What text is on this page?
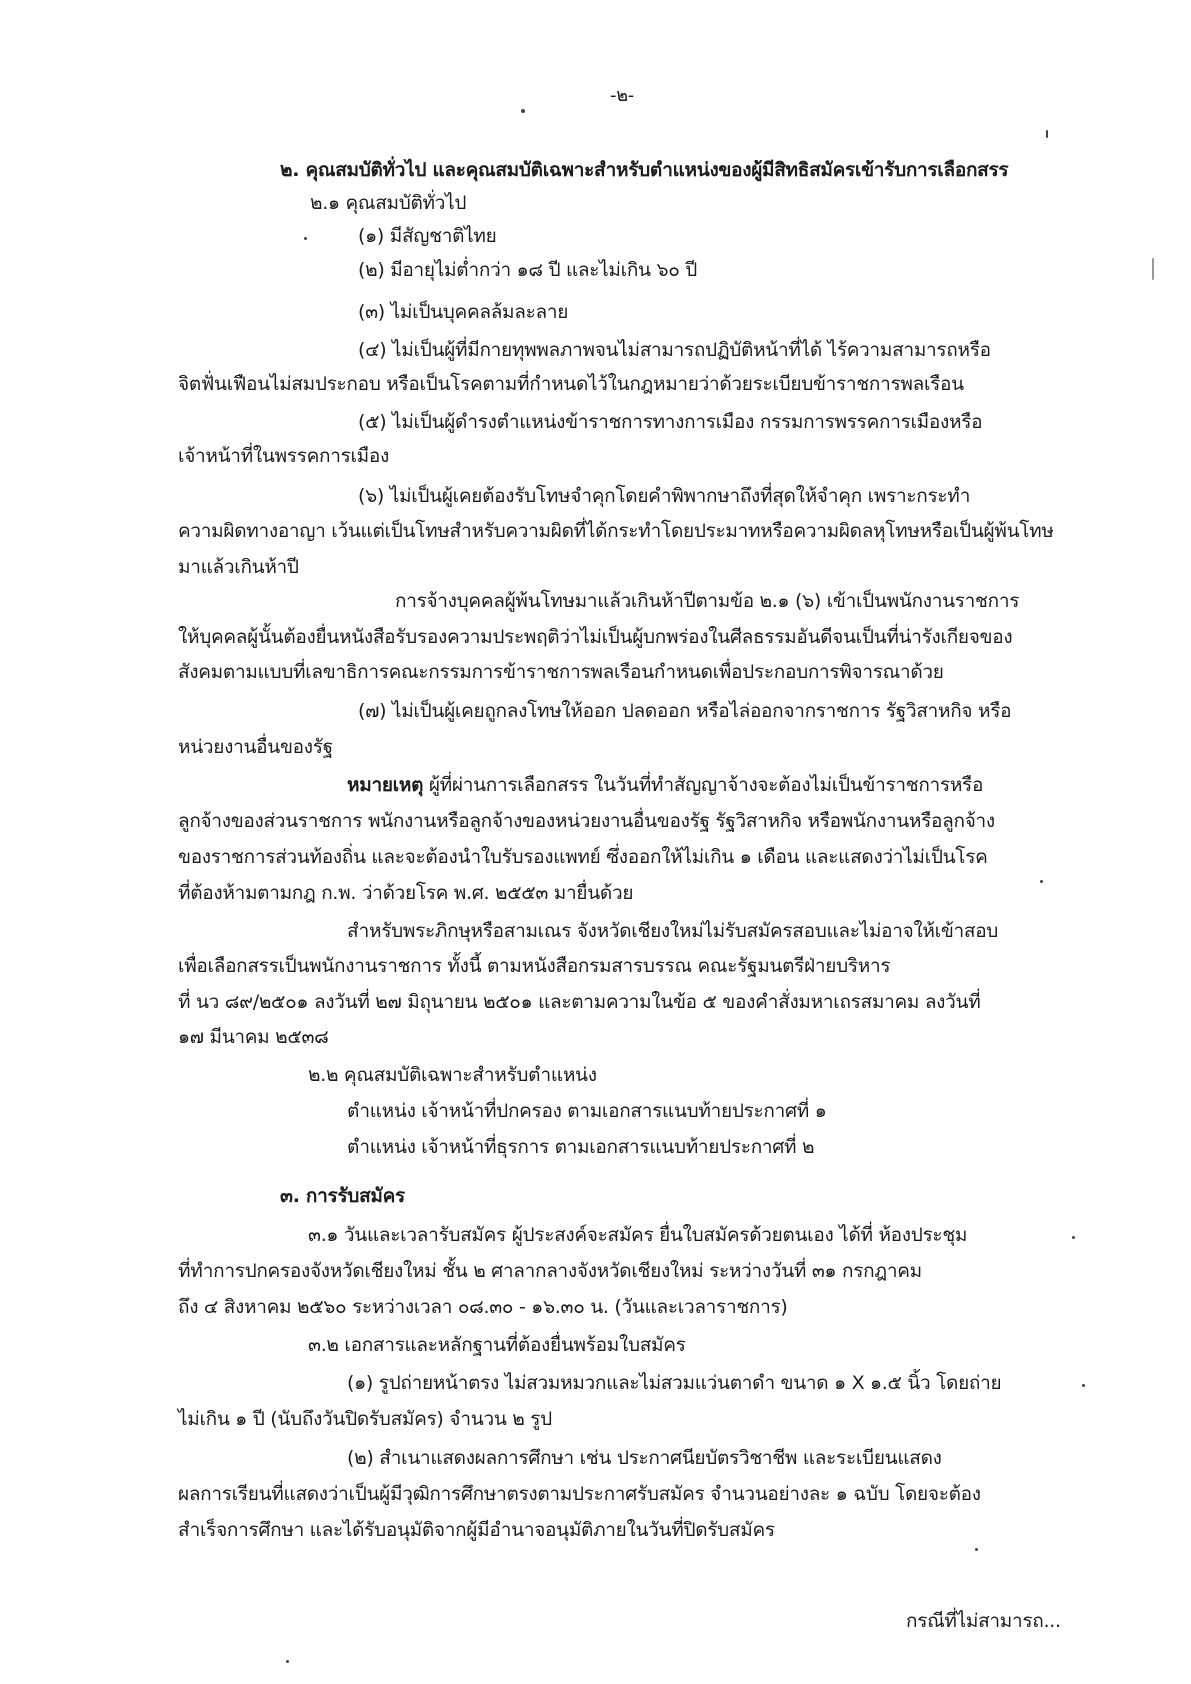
-๒-
๒. คุณสมบัติทั่วไป และคุณสมบัติเฉพาะสำหรับตำแหน่งของผู้มีสิทธิสมัครเข้ารับการเลือกสรร
๒.๑ คุณสมบัติทั่วไป
(๑) มีสัญชาติไทย
(๒) มีอายุไม่ต่ำกว่า ๑๘ ปี และไม่เกิน ๖๐ ปี
(๓) ไม่เป็นบุคคลล้มละลาย
(๔) ไม่เป็นผู้ที่มีกายทุพพลภาพจนไม่สามารถปฏิบัติหน้าที่ได้ ไร้ความสามารถหรือ
จิตฟั่นเฟือนไม่สมประกอบ หรือเป็นโรคตามที่กำหนดไว้ในกฎหมายว่าด้วยระเบียบข้าราชการพลเรือน
(๕) ไม่เป็นผู้ดำรงตำแหน่งข้าราชการทางการเมือง กรรมการพรรคการเมืองหรือ
เจ้าหน้าที่ในพรรคการเมือง
(๖) ไม่เป็นผู้เคยต้องรับโทษจำคุกโดยคำพิพากษาถึงที่สุดให้จำคุก เพราะกระทำ
ความผิดทางอาญา เว้นแต่เป็นโทษสำหรับความผิดที่ได้กระทำโดยประมาทหรือความผิดลหุโทษหรือเป็นผู้พ้นโทษ
มาแล้วเกินห้าปี
การจ้างบุคคลผู้พ้นโทษมาแล้วเกินห้าปีตามข้อ ๒.๑ (๖) เข้าเป็นพนักงานราชการ
ให้บุคคลผู้นั้นต้องยื่นหนังสือรับรองความประพฤติว่าไม่เป็นผู้บกพร่องในศีลธรรมอันดีจนเป็นที่น่ารังเกียจของ
สังคมตามแบบที่เลขาธิการคณะกรรมการข้าราชการพลเรือนกำหนดเพื่อประกอบการพิจารณาด้วย
(๗) ไม่เป็นผู้เคยถูกลงโทษให้ออก ปลดออก หรือไล่ออกจากราชการ รัฐวิสาหกิจ หรือ
หน่วยงานอื่นของรัฐ
หมายเหตุ ผู้ที่ผ่านการเลือกสรร ในวันที่ทำสัญญาจ้างจะต้องไม่เป็นข้าราชการหรือ
ลูกจ้างของส่วนราชการ พนักงานหรือลูกจ้างของหน่วยงานอื่นของรัฐ รัฐวิสาหกิจ หรือพนักงานหรือลูกจ้าง
ของราชการส่วนท้องถิ่น และจะต้องนำใบรับรองแพทย์ ซึ่งออกให้ไม่เกิน ๑ เดือน และแสดงว่าไม่เป็นโรค
ที่ต้องห้ามตามกฎ ก.พ. ว่าด้วยโรค พ.ศ. ๒๕๕๓ มายื่นด้วย
สำหรับพระภิกษุหรือสามเณร จังหวัดเชียงใหม่ไม่รับสมัครสอบและไม่อาจให้เข้าสอบ
เพื่อเลือกสรรเป็นพนักงานราชการ ทั้งนี้ ตามหนังสือกรมสารบรรณ คณะรัฐมนตรีฝ่ายบริหาร
ที่ นว ๘๙/๒๕๐๑ ลงวันที่ ๒๗ มิถุนายน ๒๕๐๑ และตามความในข้อ ๕ ของคำสั่งมหาเถรสมาคม ลงวันที่
๑๗ มีนาคม ๒๕๓๘
๒.๒ คุณสมบัติเฉพาะสำหรับตำแหน่ง
ตำแหน่ง เจ้าหน้าที่ปกครอง ตามเอกสารแนบท้ายประกาศที่ ๑
ตำแหน่ง เจ้าหน้าที่ธุรการ ตามเอกสารแนบท้ายประกาศที่ ๒
๓. การรับสมัคร
๓.๑ วันและเวลารับสมัคร ผู้ประสงค์จะสมัคร ยื่นใบสมัครด้วยตนเอง ได้ที่ ห้องประชุม
ที่ทำการปกครองจังหวัดเชียงใหม่ ชั้น ๒ ศาลากลางจังหวัดเชียงใหม่ ระหว่างวันที่ ๓๑ กรกฎาคม
ถึง ๔ สิงหาคม ๒๕๖๐ ระหว่างเวลา ๐๘.๓๐ - ๑๖.๓๐ น. (วันและเวลาราชการ)
๓.๒ เอกสารและหลักฐานที่ต้องยื่นพร้อมใบสมัคร
(๑) รูปถ่ายหน้าตรง ไม่สวมหมวกและไม่สวมแว่นตาดำ ขนาด ๑ X ๑.๕ นิ้ว โดยถ่าย
ไม่เกิน ๑ ปี (นับถึงวันปิดรับสมัคร) จำนวน ๒ รูป
(๒) สำเนาแสดงผลการศึกษา เช่น ประกาศนียบัตรวิชาชีพ และระเบียนแสดง
ผลการเรียนที่แสดงว่าเป็นผู้มีวุฒิการศึกษาตรงตามประกาศรับสมัคร จำนวนอย่างละ ๑ ฉบับ โดยจะต้อง
สำเร็จการศึกษา และได้รับอนุมัติจากผู้มีอำนาจอนุมัติภายในวันที่ปิดรับสมัคร
กรณีที่ไม่สามารถ...
